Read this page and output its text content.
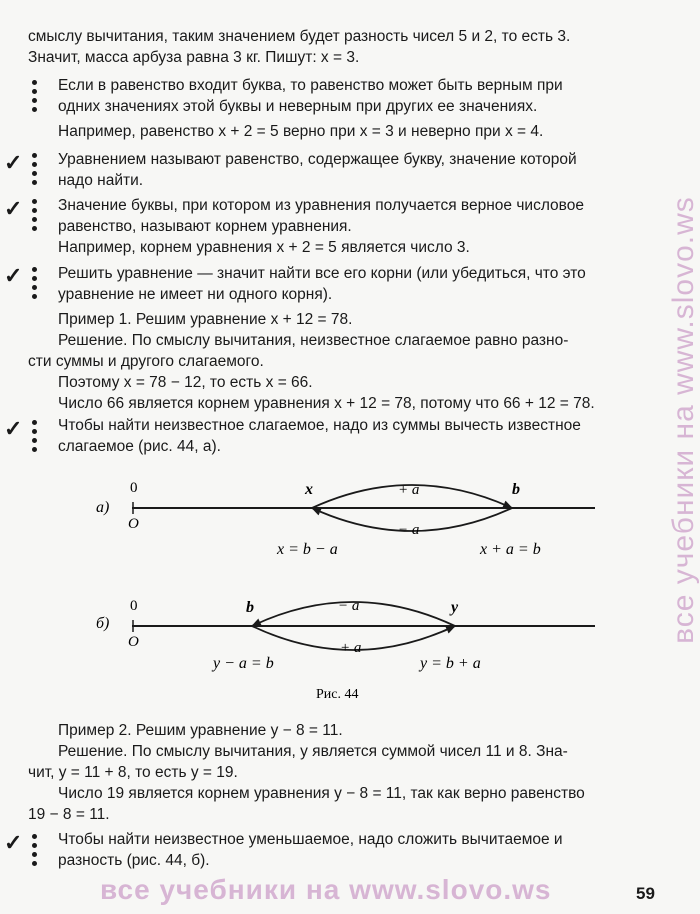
смыслу вычитания, таким значением будет разность чисел 5 и 2, то есть 3.
Значит, масса арбуза равна 3 кг. Пишут: x = 3.

Если в равенство входит буква, то равенство может быть верным при
одних значениях этой буквы и неверным при других ее значениях.

Например, равенство x + 2 = 5 верно при x = 3 и неверно при x = 4.

✓ Уравнением называют равенство, содержащее букву, значение которой
надо найти.

✓ Значение буквы, при котором из уравнения получается верное числовое
равенство, называют корнем уравнения.
Например, корнем уравнения x + 2 = 5 является число 3.

✓ Решить уравнение — значит найти все его корни (или убедиться, что это
уравнение не имеет ни одного корня).

Пример 1. Решим уравнение x + 12 = 78.

Решение. По смыслу вычитания, неизвестное слагаемое равно разно-
сти суммы и другого слагаемого.
Поэтому x = 78 − 12, то есть x = 66.
Число 66 является корнем уравнения x + 12 = 78, потому что 66 + 12 = 78.

✓ Чтобы найти неизвестное слагаемое, надо из суммы вычесть известное
слагаемое (рис. 44, а).

а)
0
O
x	b
+ a
− a
x = b − a	x + a = b
б)
0
O
b	y
− a
+ a
y − a = b	y = b + a
Рис. 44

Пример 2. Решим уравнение y − 8 = 11.

Решение. По смыслу вычитания, y является суммой чисел 11 и 8. Зна-
чит, y = 11 + 8, то есть y = 19.
Число 19 является корнем уравнения y − 8 = 11, так как верно равенство
19 − 8 = 11.

✓ Чтобы найти неизвестное уменьшаемое, надо сложить вычитаемое и
разность (рис. 44, б).

все учебники на www.slovo.ws
все учебники на www.slovo.ws	59
